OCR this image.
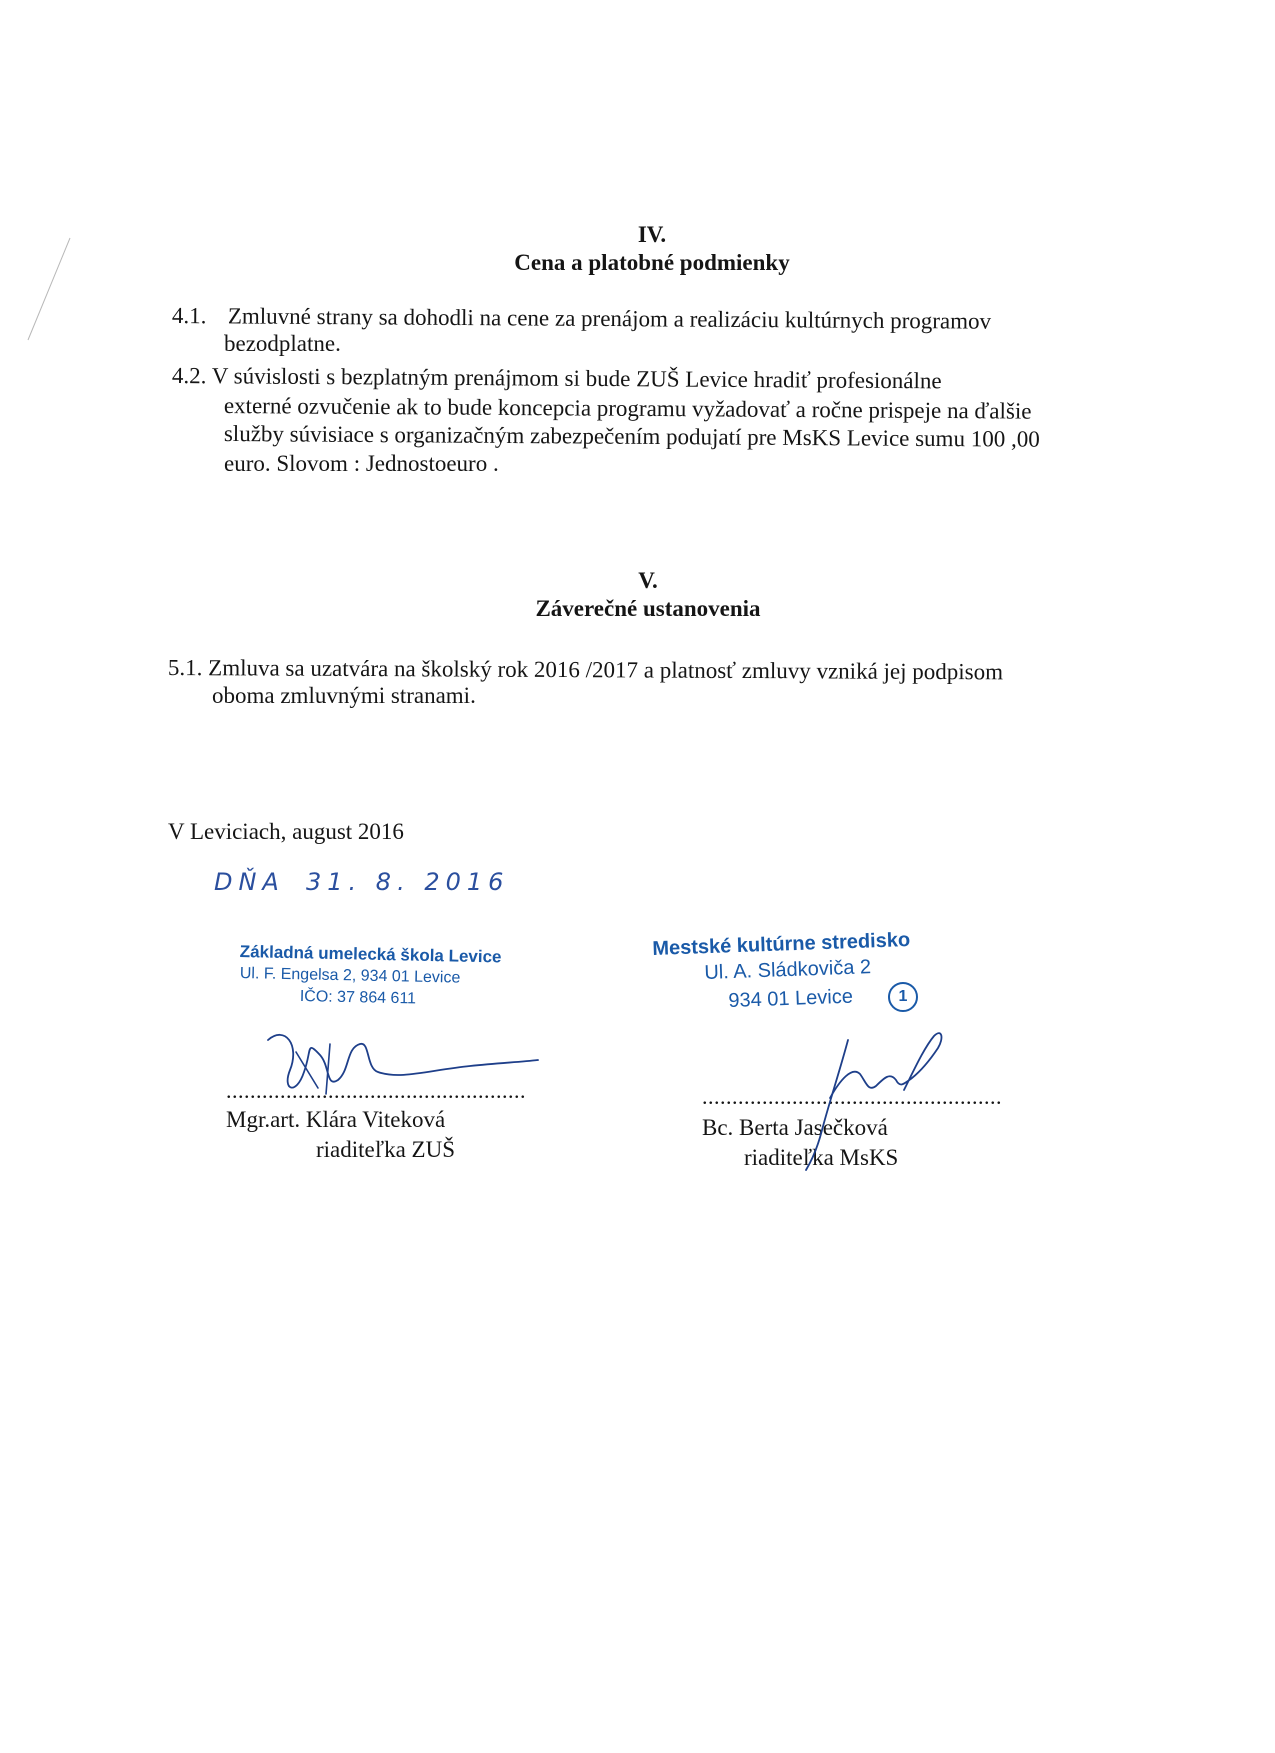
IV.
Cena a platobné podmienky
4.1. Zmluvné strany sa dohodli na cene za prenájom a realizáciu kultúrnych programov
bezodplatne.
4.2. V súvislosti s bezplatným prenájmom si bude ZUŠ Levice hradiť profesionálne
externé ozvučenie ak to bude koncepcia programu vyžadovať a ročne prispeje na ďalšie
služby súvisiace s organizačným zabezpečením podujatí pre MsKS Levice sumu 100 ,00
euro. Slovom : Jednostoeuro .
V.
Záverečné ustanovenia
5.1. Zmluva sa uzatvára na školský rok 2016 /2017 a platnosť zmluvy vzniká jej podpisom
oboma zmluvnými stranami.
V Leviciach, august 2016
DŇA 31. 8. 2016
Základná umelecká škola Levice
Ul. F. Engelsa 2, 934 01 Levice
IČO: 37 864 611
Mestské kultúrne stredisko
Ul. A. Sládkoviča 2
934 01 Levice	1
..................................................
Mgr.art. Klára Viteková
riaditeľka ZUŠ
..................................................
Bc. Berta Jasečková
riaditeľka MsKS
